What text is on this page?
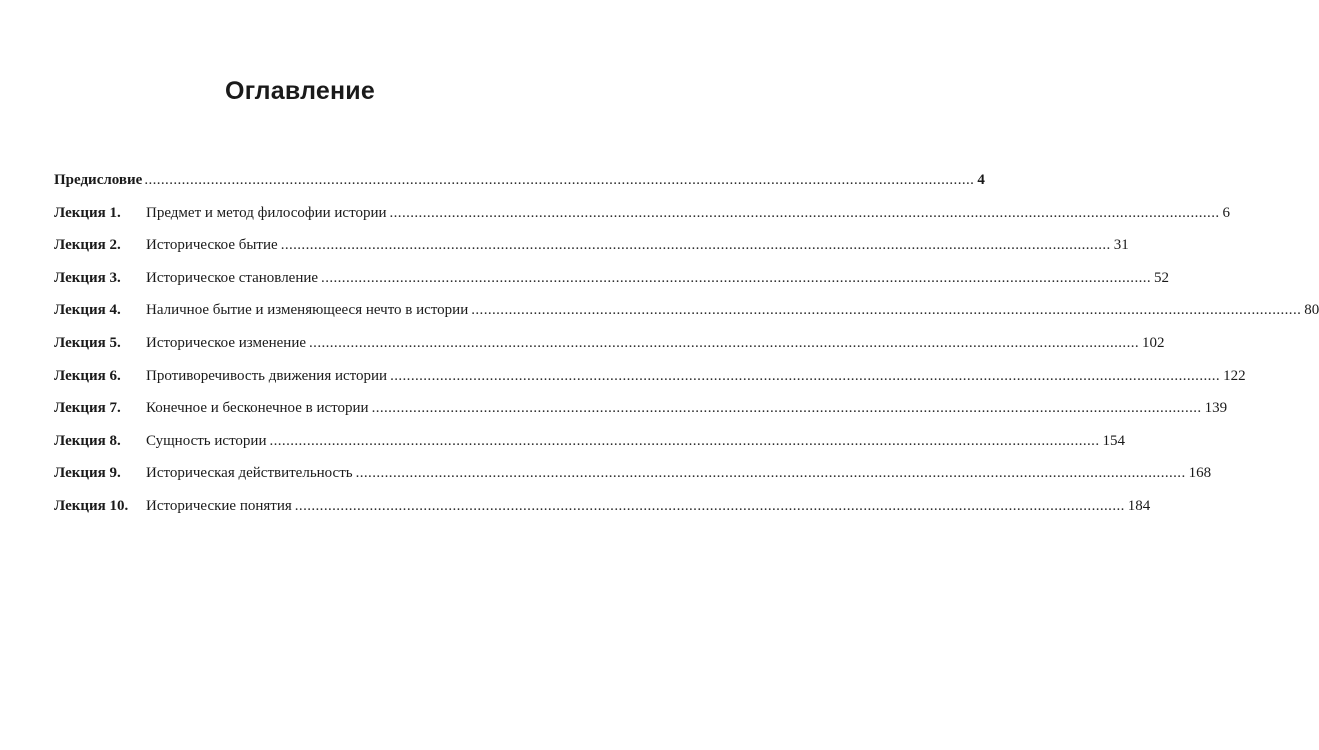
Оглавление
Предисловие ........................................................................................................................................................................................................ 4
Лекция 1.	Предмет и метод философии истории ........................................................................................................................................................................................................ 6
Лекция 2.	Историческое бытие ........................................................................................................................................................................................................ 31
Лекция 3.	Историческое становление ........................................................................................................................................................................................................ 52
Лекция 4.	Наличное бытие и изменяющееся нечто в истории ........................................................................................................................................................................................................ 80
Лекция 5.	Историческое изменение ........................................................................................................................................................................................................ 102
Лекция 6.	Противоречивость движения истории ........................................................................................................................................................................................................ 122
Лекция 7.	Конечное и бесконечное в истории ........................................................................................................................................................................................................ 139
Лекция 8.	Сущность истории ........................................................................................................................................................................................................ 154
Лекция 9.	Историческая действительность ........................................................................................................................................................................................................ 168
Лекция 10.	Исторические понятия ........................................................................................................................................................................................................ 184
